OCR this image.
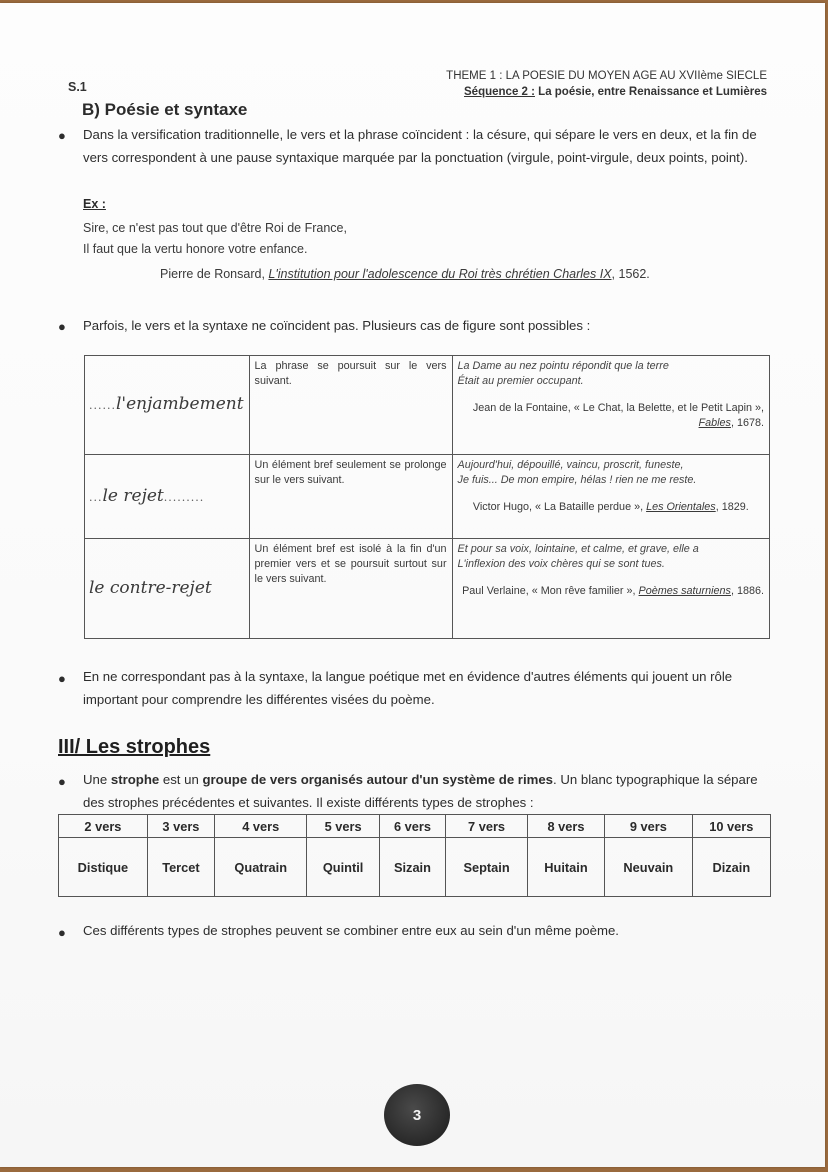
THEME 1 : LA POESIE DU MOYEN AGE AU XVIIème SIECLE
Séquence 2 : La poésie, entre Renaissance et Lumières
S.1
B) Poésie et syntaxe
● Dans la versification traditionnelle, le vers et la phrase coïncident : la césure, qui sépare le vers en deux, et la fin de vers correspondent à une pause syntaxique marquée par la ponctuation (virgule, point-virgule, deux points, point).
Ex :
Sire, ce n'est pas tout que d'être Roi de France,
Il faut que la vertu honore votre enfance.
Pierre de Ronsard, L'institution pour l'adolescence du Roi très chrétien Charles IX, 1562.
● Parfois, le vers et la syntaxe ne coïncident pas. Plusieurs cas de figure sont possibles :
......l'enjambement	La phrase se poursuit sur le vers suivant.	La Dame au nez pointu répondit que la terre
Était au premier occupant.
Jean de la Fontaine, « Le Chat, la Belette, et le Petit Lapin », Fables, 1678.

...le rejet.........	Un élément bref seulement se prolonge sur le vers suivant.	Aujourd'hui, dépouillé, vaincu, proscrit, funeste,
Je fuis... De mon empire, hélas ! rien ne me reste.
Victor Hugo, « La Bataille perdue », Les Orientales, 1829.

le contre-rejet	Un élément bref est isolé à la fin d'un premier vers et se poursuit surtout sur le vers suivant.	Et pour sa voix, lointaine, et calme, et grave, elle a
L'inflexion des voix chères qui se sont tues.
Paul Verlaine, « Mon rêve familier », Poèmes saturniens, 1886.
● En ne correspondant pas à la syntaxe, la langue poétique met en évidence d'autres éléments qui jouent un rôle important pour comprendre les différentes visées du poème.
III/ Les strophes
● Une strophe est un groupe de vers organisés autour d'un système de rimes. Un blanc typographique la sépare des strophes précédentes et suivantes. Il existe différents types de strophes :
2 vers	3 vers	4 vers	5 vers	6 vers	7 vers	8 vers	9 vers	10 vers
Distique	Tercet	Quatrain	Quintil	Sizain	Septain	Huitain	Neuvain	Dizain
● Ces différents types de strophes peuvent se combiner entre eux au sein d'un même poème.
3
